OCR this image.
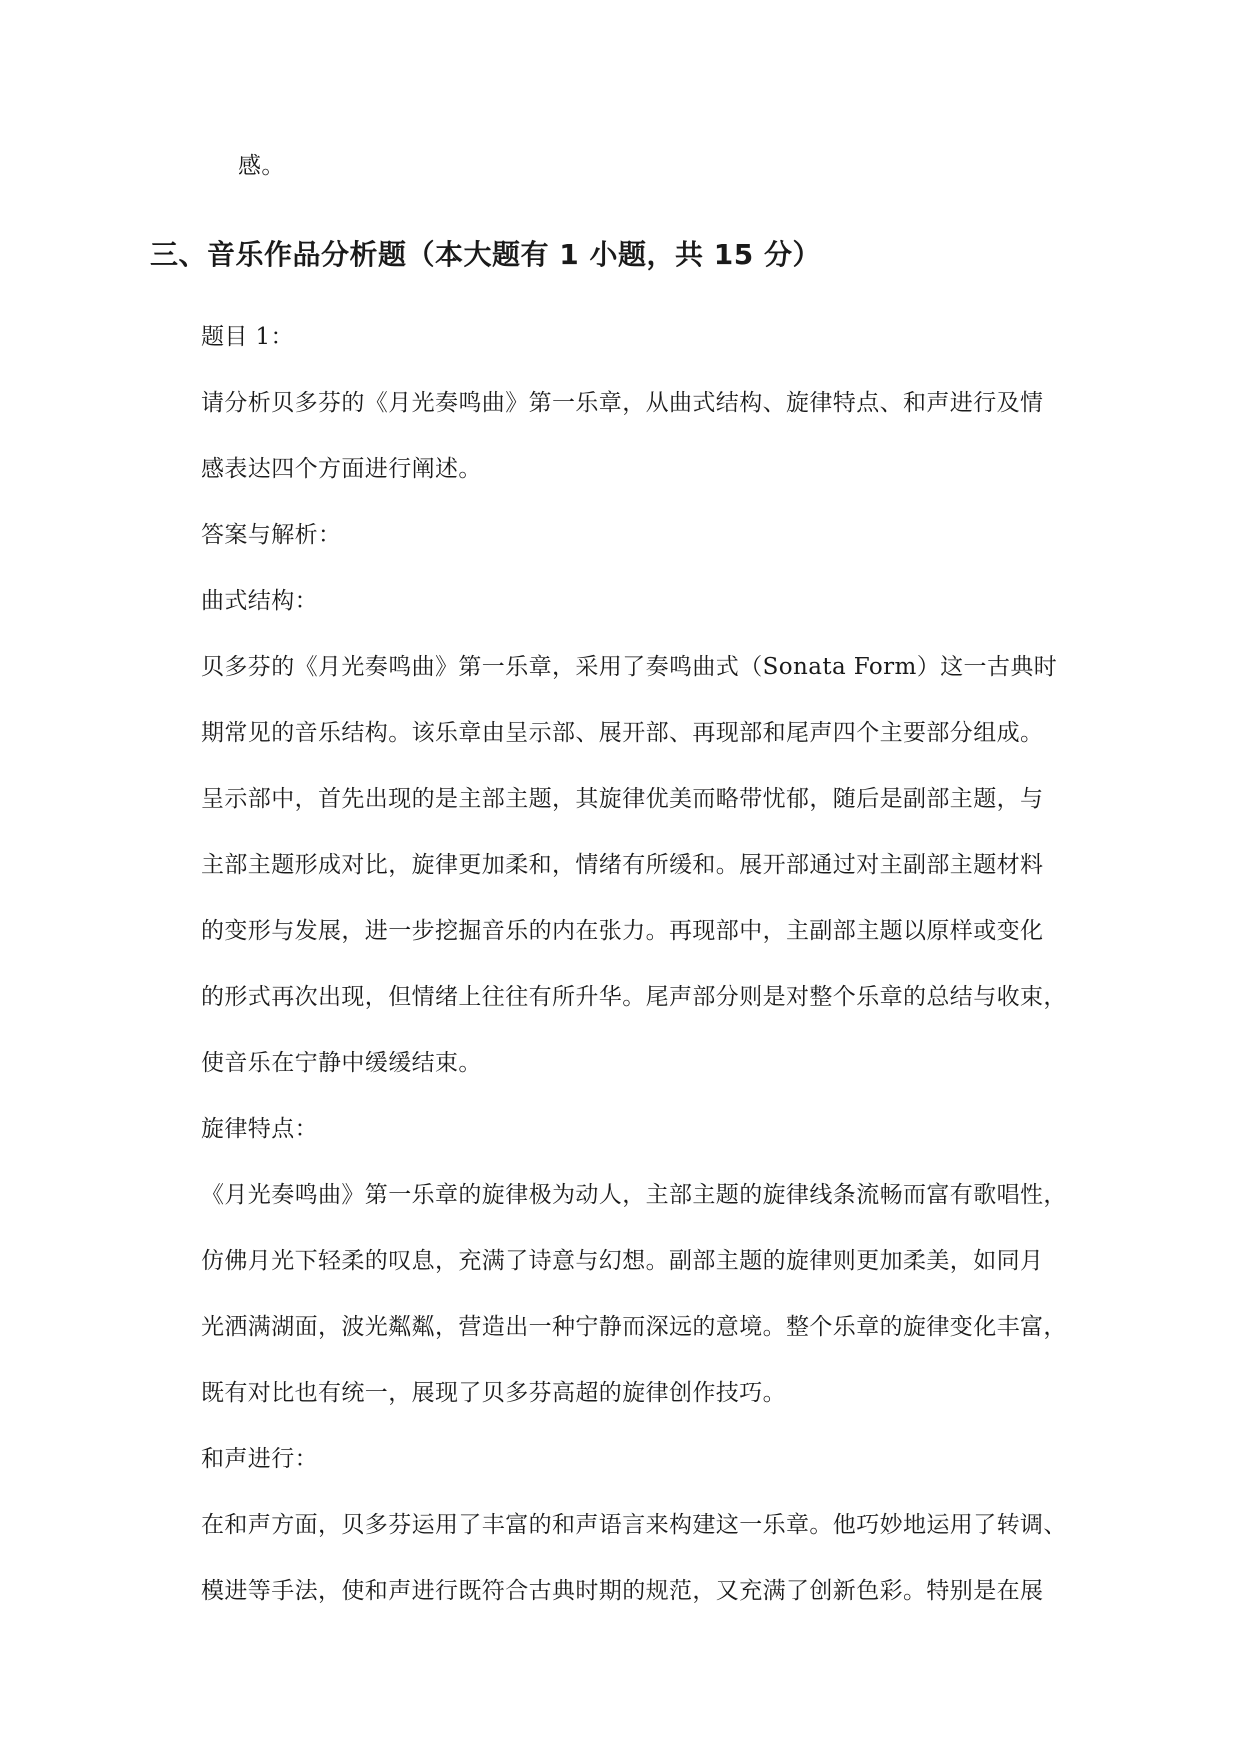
感。
三、音乐作品分析题（本大题有 1 小题，共 15 分）
题目 1：
请分析贝多芬的《月光奏鸣曲》第一乐章，从曲式结构、旋律特点、和声进行及情
感表达四个方面进行阐述。
答案与解析：
曲式结构：
贝多芬的《月光奏鸣曲》第一乐章，采用了奏鸣曲式（Sonata Form）这一古典时
期常见的音乐结构。该乐章由呈示部、展开部、再现部和尾声四个主要部分组成。
呈示部中，首先出现的是主部主题，其旋律优美而略带忧郁，随后是副部主题，与
主部主题形成对比，旋律更加柔和，情绪有所缓和。展开部通过对主副部主题材料
的变形与发展，进一步挖掘音乐的内在张力。再现部中，主副部主题以原样或变化
的形式再次出现，但情绪上往往有所升华。尾声部分则是对整个乐章的总结与收束，
使音乐在宁静中缓缓结束。
旋律特点：
《月光奏鸣曲》第一乐章的旋律极为动人，主部主题的旋律线条流畅而富有歌唱性，
仿佛月光下轻柔的叹息，充满了诗意与幻想。副部主题的旋律则更加柔美，如同月
光洒满湖面，波光粼粼，营造出一种宁静而深远的意境。整个乐章的旋律变化丰富，
既有对比也有统一，展现了贝多芬高超的旋律创作技巧。
和声进行：
在和声方面，贝多芬运用了丰富的和声语言来构建这一乐章。他巧妙地运用了转调、
模进等手法，使和声进行既符合古典时期的规范，又充满了创新色彩。特别是在展
